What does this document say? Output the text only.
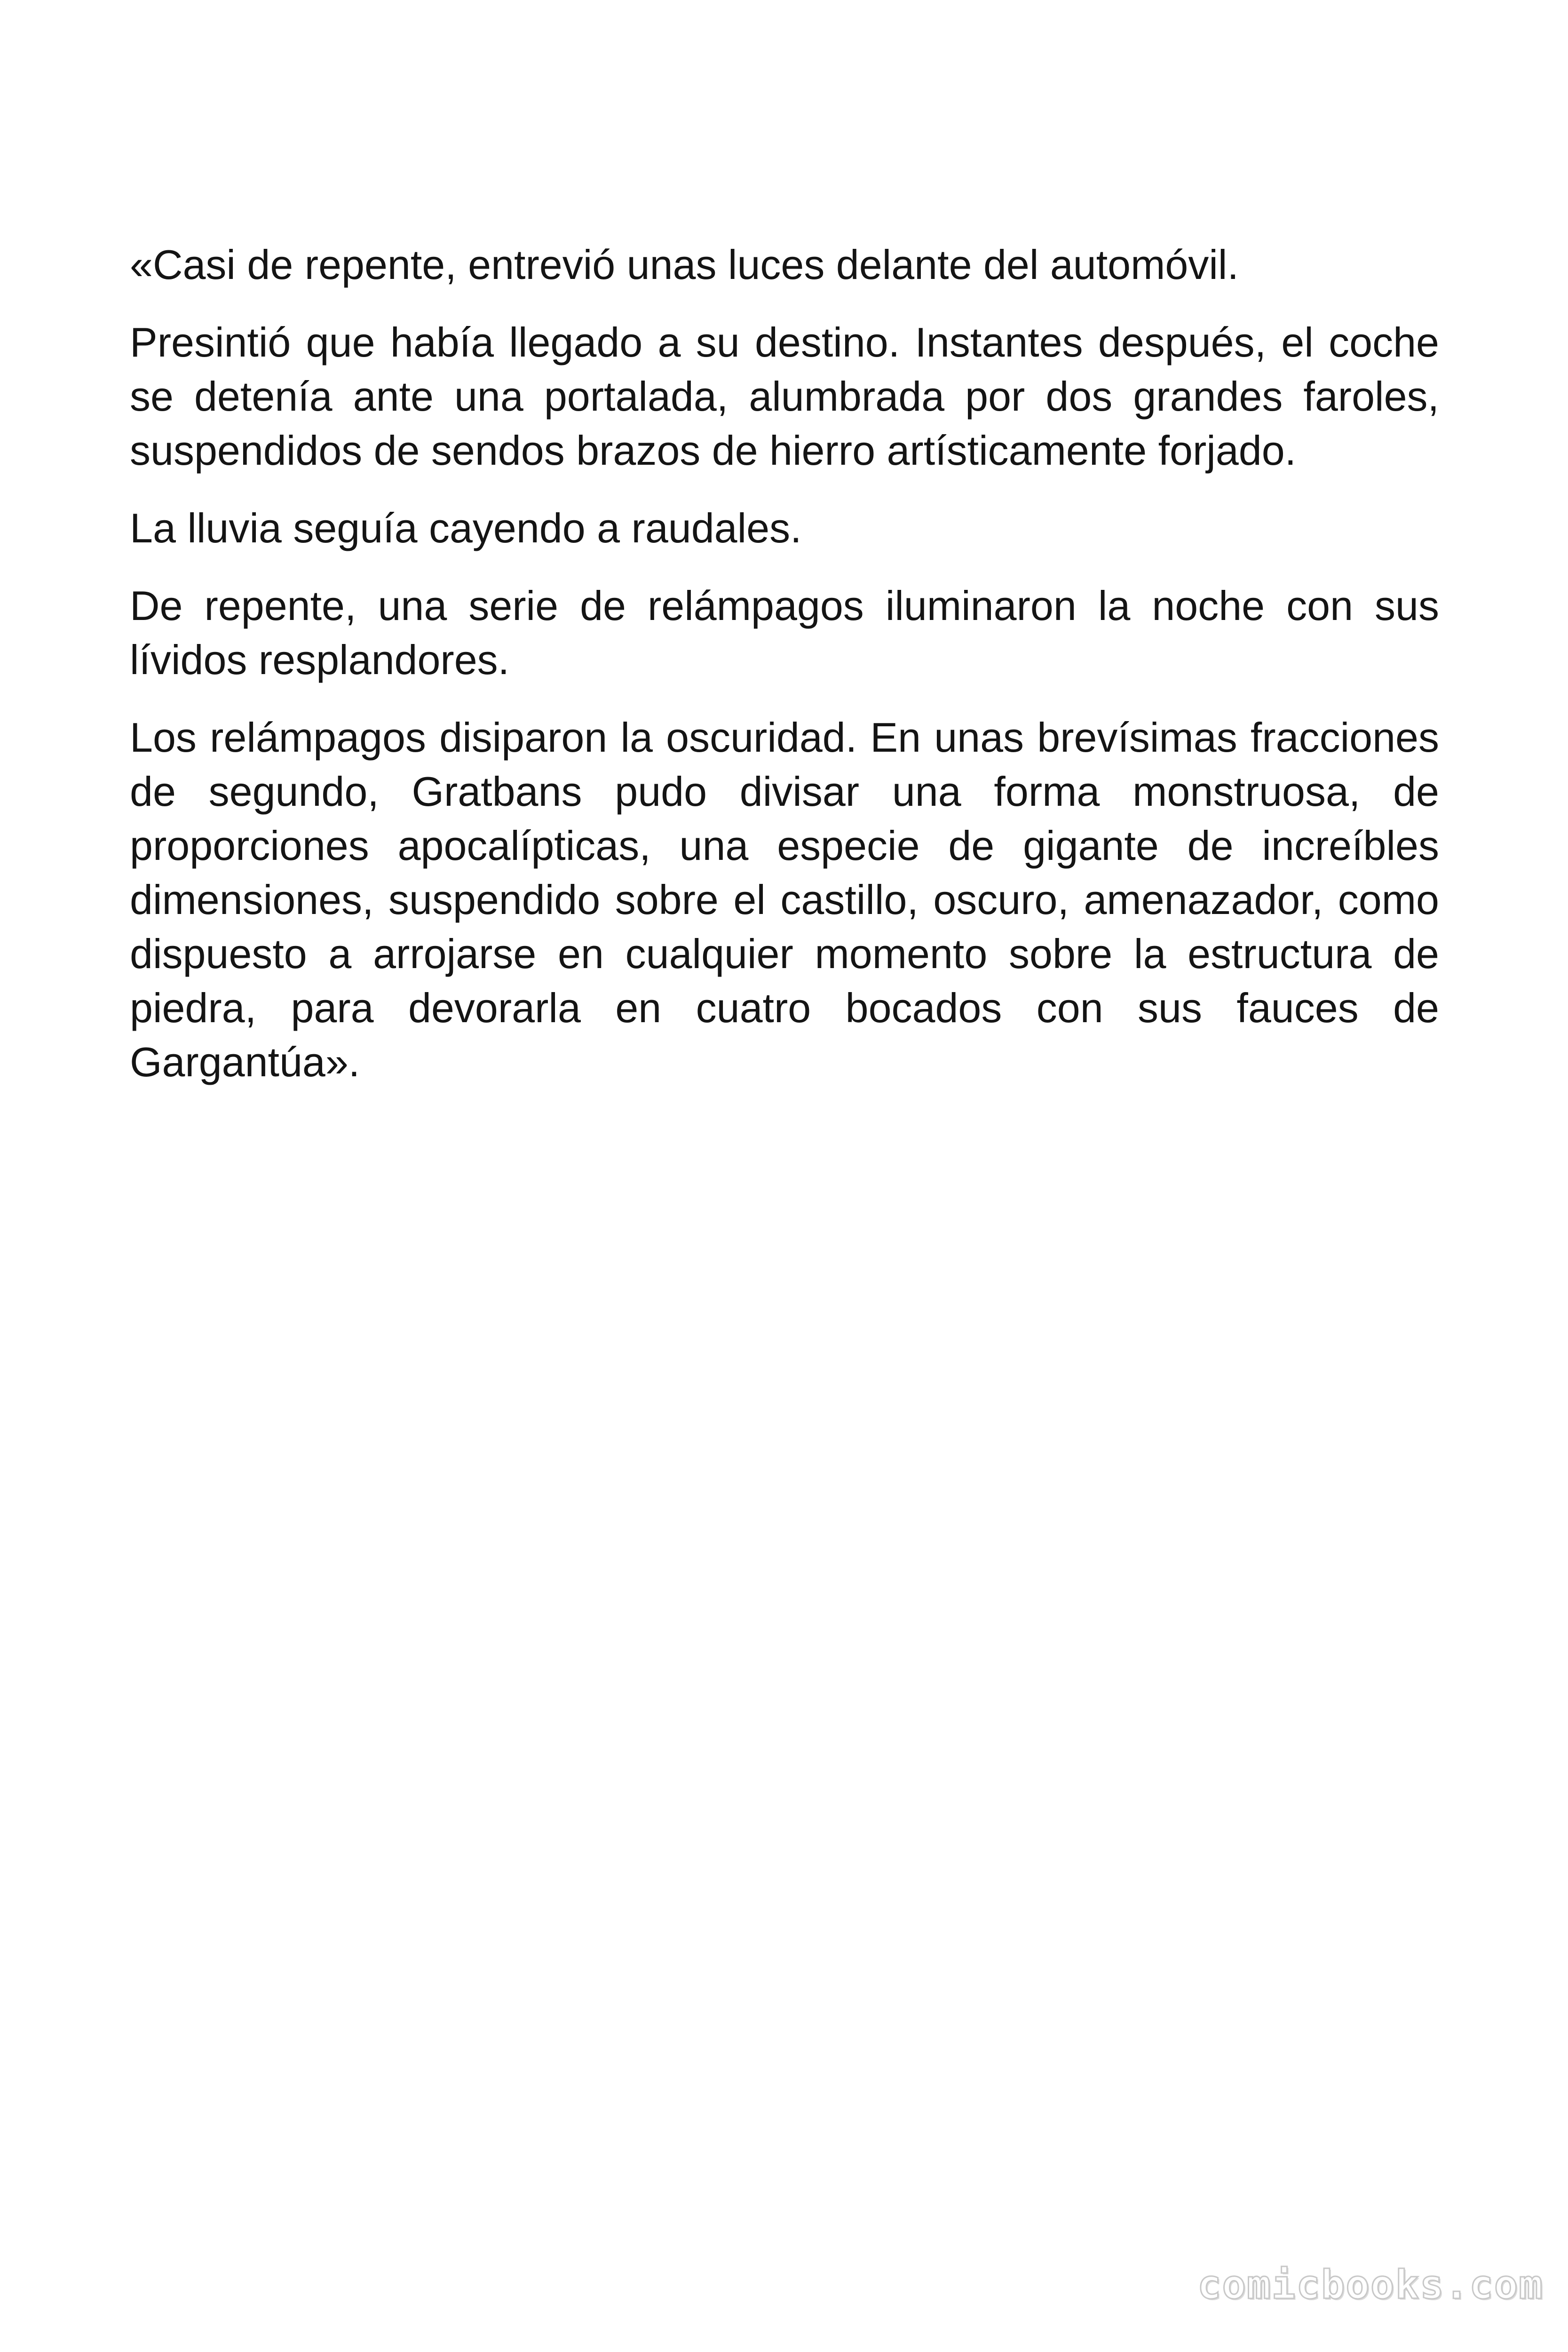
«Casi de repente, entrevió unas luces delante del automóvil.

Presintió que había llegado a su destino. Instantes después, el coche se detenía ante una portalada, alumbrada por dos grandes faroles, suspendidos de sendos brazos de hierro artísticamente forjado.

La lluvia seguía cayendo a raudales.

De repente, una serie de relámpagos iluminaron la noche con sus lívidos resplandores.

Los relámpagos disiparon la oscuridad. En unas brevísimas fracciones de segundo, Gratbans pudo divisar una forma monstruosa, de proporciones apocalípticas, una especie de gigante de increíbles dimensiones, suspendido sobre el castillo, oscuro, amenazador, como dispuesto a arrojarse en cualquier momento sobre la estructura de piedra, para devorarla en cuatro bocados con sus fauces de Gargantúa».

comicbooks.com
